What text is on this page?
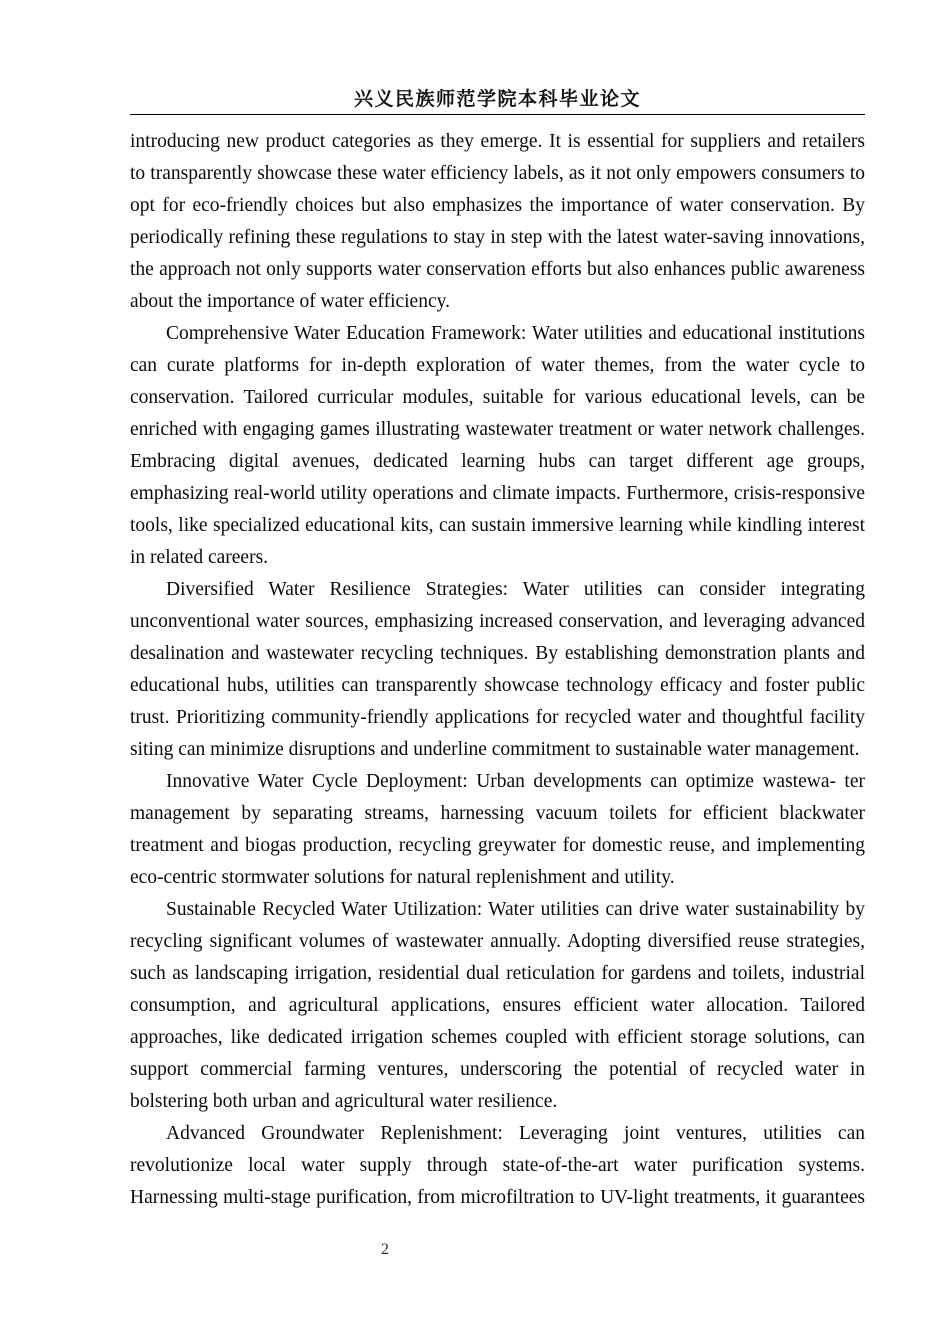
兴义民族师范学院本科毕业论文
introducing new product categories as they emerge. It is essential for suppliers and retailers
to transparently showcase these water efficiency labels, as it not only empowers consumers to
opt for eco-friendly choices but also emphasizes the importance of water conservation. By
periodically refining these regulations to stay in step with the latest water-saving innovations,
the approach not only supports water conservation efforts but also enhances public awareness
about the importance of water efficiency.
Comprehensive Water Education Framework: Water utilities and educational institutions
can curate platforms for in-depth exploration of water themes, from the water cycle to
conservation. Tailored curricular modules, suitable for various educational levels, can be
enriched with engaging games illustrating wastewater treatment or water network challenges.
Embracing digital avenues, dedicated learning hubs can target different age groups,
emphasizing real-world utility operations and climate impacts. Furthermore, crisis-responsive
tools, like specialized educational kits, can sustain immersive learning while kindling interest
in related careers.
Diversified Water Resilience Strategies: Water utilities can consider integrating
unconventional water sources, emphasizing increased conservation, and leveraging advanced
desalination and wastewater recycling techniques. By establishing demonstration plants and
educational hubs, utilities can transparently showcase technology efficacy and foster public
trust. Prioritizing community-friendly applications for recycled water and thoughtful facility
siting can minimize disruptions and underline commitment to sustainable water management.
Innovative Water Cycle Deployment: Urban developments can optimize wastewa- ter
management by separating streams, harnessing vacuum toilets for efficient blackwater
treatment and biogas production, recycling greywater for domestic reuse, and implementing
eco-centric stormwater solutions for natural replenishment and utility.
Sustainable Recycled Water Utilization: Water utilities can drive water sustainability by
recycling significant volumes of wastewater annually. Adopting diversified reuse strategies,
such as landscaping irrigation, residential dual reticulation for gardens and toilets, industrial
consumption, and agricultural applications, ensures efficient water allocation. Tailored
approaches, like dedicated irrigation schemes coupled with efficient storage solutions, can
support commercial farming ventures, underscoring the potential of recycled water in
bolstering both urban and agricultural water resilience.
Advanced Groundwater Replenishment: Leveraging joint ventures, utilities can
revolutionize local water supply through state-of-the-art water purification systems.
Harnessing multi-stage purification, from microfiltration to UV-light treatments, it guarantees
2
